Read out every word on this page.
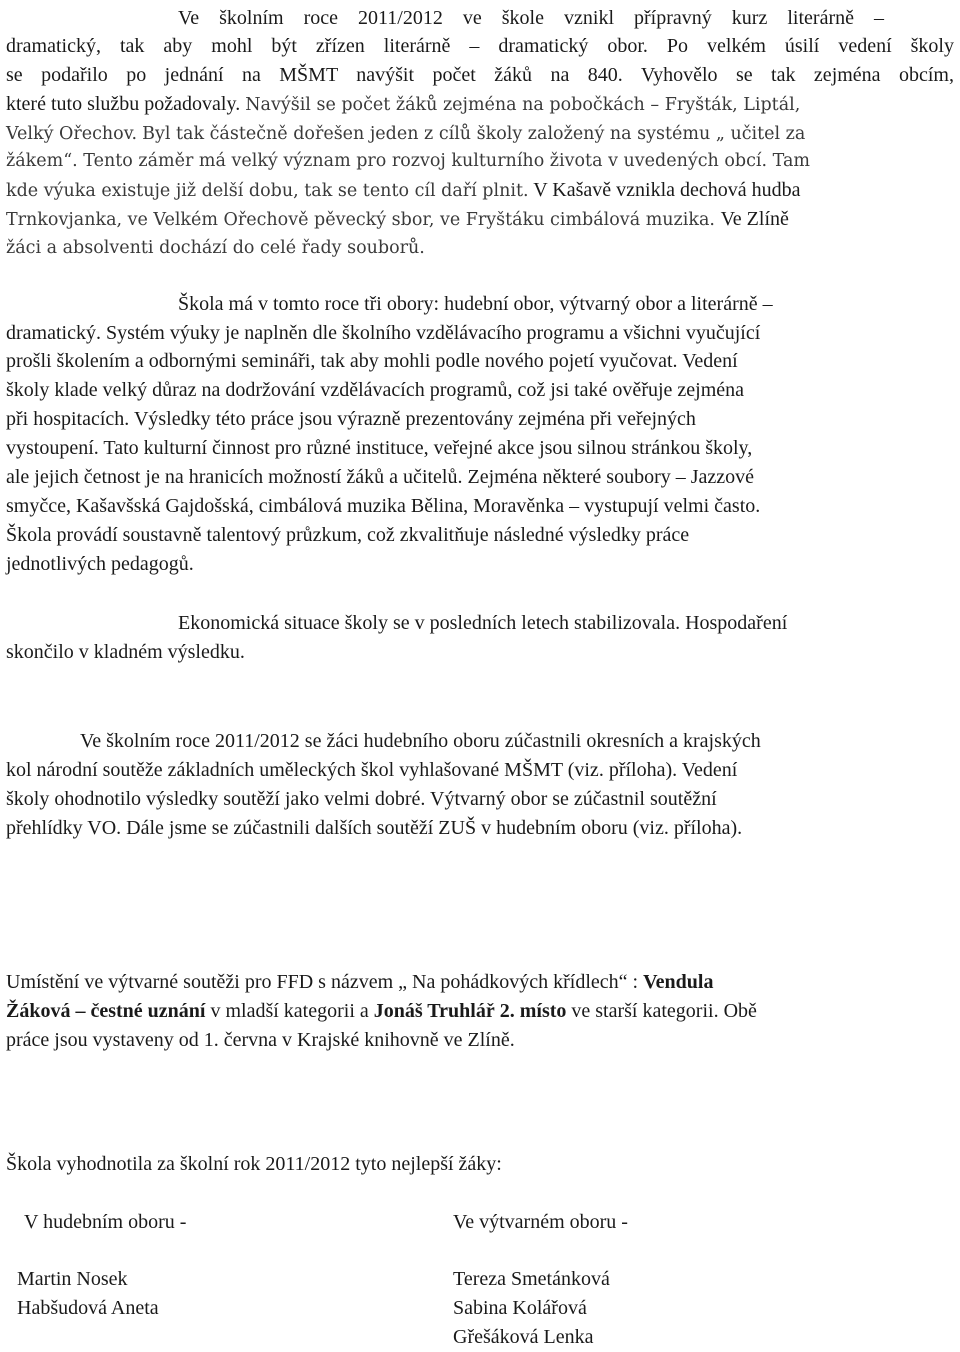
Ve školním roce 2011/2012 ve škole vznikl přípravný kurz literárně –
dramatický, tak aby mohl být zřízen literárně – dramatický obor. Po velkém úsilí vedení školy
se podařilo po jednání na MŠMT navýšit počet žáků na 840. Vyhovělo se tak zejména obcím,
které tuto službu požadovaly. Navýšil se počet žáků zejména na pobočkách – Fryšták, Liptál,
Velký Ořechov. Byl tak částečně dořešen jeden z cílů školy založený na systému „ učitel za
žákem“. Tento záměr má velký význam pro rozvoj kulturního života v uvedených obcí. Tam
kde výuka existuje již delší dobu, tak se tento cíl daří plnit. V Kašavě vznikla dechová hudba
Trnkovjanka, ve Velkém Ořechově pěvecký sbor, ve Fryštáku cimbálová muzika. Ve Zlíně
žáci a absolventi dochází do celé řady souborů.
Škola má v tomto roce tři obory: hudební obor, výtvarný obor a literárně –
dramatický. Systém výuky je naplněn dle školního vzdělávacího programu a všichni vyučující
prošli školením a odbornými semináři, tak aby mohli podle nového pojetí vyučovat. Vedení
školy klade velký důraz na dodržování vzdělávacích programů, což jsi také ověřuje zejména
při hospitacích. Výsledky této práce jsou výrazně prezentovány zejména při veřejných
vystoupení. Tato kulturní činnost pro různé instituce, veřejné akce jsou silnou stránkou školy,
ale jejich četnost je na hranicích možností žáků a učitelů. Zejména některé soubory – Jazzové
smyčce, Kašavšská Gajdošská, cimbálová muzika Bělina, Moravěnka – vystupují velmi často.
Škola provádí soustavně talentový průzkum, což zkvalitňuje následné výsledky práce
jednotlivých pedagogů.
Ekonomická situace školy se v posledních letech stabilizovala. Hospodaření
skončilo v kladném výsledku.
Ve školním roce 2011/2012 se žáci hudebního oboru zúčastnili okresních a krajských
kol národní soutěže základních uměleckých škol vyhlašované MŠMT (viz. příloha). Vedení
školy ohodnotilo výsledky soutěží jako velmi dobré. Výtvarný obor se zúčastnil soutěžní
přehlídky VO. Dále jsme se zúčastnili dalších soutěží ZUŠ v hudebním oboru (viz. příloha).
Umístění ve výtvarné soutěži pro FFD s názvem „ Na pohádkových křídlech“ : Vendula
Žáková – čestné uznání v mladší kategorii a Jonáš Truhlář 2. místo ve starší kategorii. Obě
práce jsou vystaveny od 1. června v Krajské knihovně ve Zlíně.
Škola vyhodnotila za školní rok 2011/2012 tyto nejlepší žáky:
V hudebním oboru -	Ve výtvarném oboru -
Martin Nosek
Habšudová Aneta
Tereza Smetánková
Sabina Kolářová
Gřešáková Lenka
